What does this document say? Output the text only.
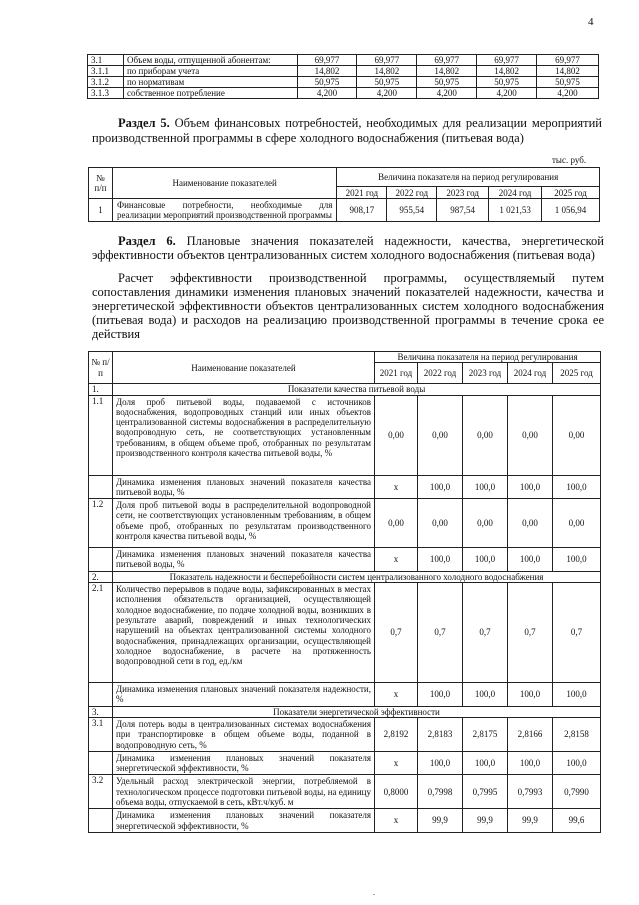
4
3.1	Объем воды, отпущенной абонентам:	69,977	69,977	69,977	69,977	69,977
3.1.1	по приборам учета	14,802	14,802	14,802	14,802	14,802
3.1.2	по нормативам	50,975	50,975	50,975	50,975	50,975
3.1.3	собственное потребление	4,200	4,200	4,200	4,200	4,200
Раздел 5. Объем финансовых потребностей, необходимых для реализации мероприятий производственной программы в сфере холодного водоснабжения (питьевая вода)
тыс. руб.
№ п/п	Наименование показателей	Величина показателя на период регулирования				
		2021 год	2022 год	2023 год	2024 год	2025 год
1	Финансовые потребности, необходимые для реализации мероприятий производственной программы	908,17	955,54	987,54	1 021,53	1 056,94
Раздел 6. Плановые значения показателей надежности, качества, энергетической эффективности объектов централизованных систем холодного водоснабжения (питьевая вода)
Расчет эффективности производственной программы, осуществляемый путем сопоставления динамики изменения плановых значений показателей надежности, качества и энергетической эффективности объектов централизованных систем холодного водоснабжения (питьевая вода) и расходов на реализацию производственной программы в течение срока ее действия
№ п/п	Наименование показателей	Величина показателя на период регулирования				
		2021 год	2022 год	2023 год	2024 год	2025 год
1.	Показатели качества питьевой воды					
1.1	Доля проб питьевой воды, подаваемой с источников водоснабжения, водопроводных станций или иных объектов централизованной системы водоснабжения в распределительную водопроводную сеть, не соответствующих установленным требованиям, в общем объеме проб, отобранных по результатам производственного контроля качества питьевой воды, %	0,00	0,00	0,00	0,00	0,00
	Динамика изменения плановых значений показателя качества питьевой воды, %	х	100,0	100,0	100,0	100,0
1.2	Доля проб питьевой воды в распределительной водопроводной сети, не соответствующих установленным требованиям, в общем объеме проб, отобранных по результатам производственного контроля качества питьевой воды, %	0,00	0,00	0,00	0,00	0,00
	Динамика изменения плановых значений показателя качества питьевой воды, %	х	100,0	100,0	100,0	100,0
2.	Показатель надежности и бесперебойности систем централизованного холодного водоснабжения					
2.1	Количество перерывов в подаче воды, зафиксированных в местах исполнения обязательств организацией, осуществляющей холодное водоснабжение, по подаче холодной воды, возникших в результате аварий, повреждений и иных технологических нарушений на объектах централизованной системы холодного водоснабжения, принадлежащих организации, осуществляющей холодное водоснабжение, в расчете на протяженность водопроводной сети в год, ед./км	0,7	0,7	0,7	0,7	0,7
	Динамика изменения плановых значений показателя надежности, %	х	100,0	100,0	100,0	100,0
3.	Показатели энергетической эффективности					
3.1	Доля потерь воды в централизованных системах водоснабжения при транспортировке в общем объеме воды, поданной в водопроводную сеть, %	2,8192	2,8183	2,8175	2,8166	2,8158
	Динамика изменения плановых значений показателя энергетической эффективности, %	х	100,0	100,0	100,0	100,0
3.2	Удельный расход электрической энергии, потребляемой в технологическом процессе подготовки питьевой воды, на единицу объема воды, отпускаемой в сеть, кВт.ч/куб. м	0,8000	0,7998	0,7995	0,7993	0,7990
	Динамика изменения плановых значений показателя энергетической эффективности, %	х	99,9	99,9	99,9	99,6
.
